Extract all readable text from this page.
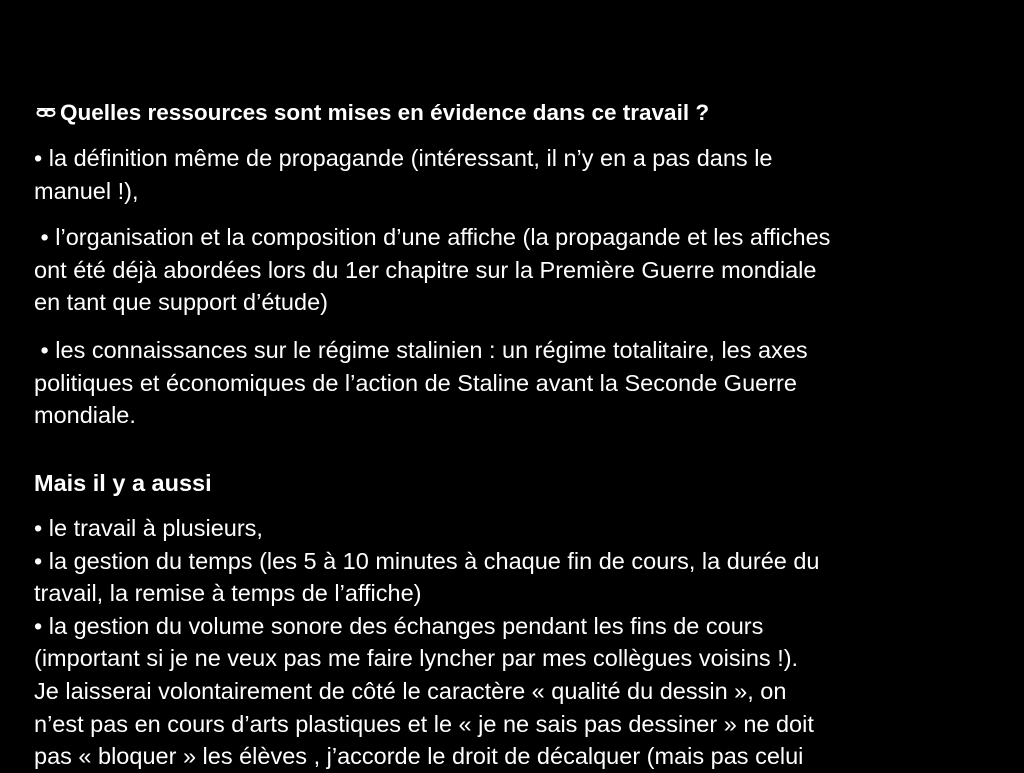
Quelles ressources sont mises en évidence dans ce travail ?
• la définition même de propagande (intéressant, il n’y en a pas dans le
manuel !),
• l’organisation et la composition d’une affiche (la propagande et les affiches
ont été déjà abordées lors du 1er chapitre sur la Première Guerre mondiale
en tant que support d’étude)
• les connaissances sur le régime stalinien : un régime totalitaire, les axes
politiques et économiques de l’action de Staline avant la Seconde Guerre
mondiale.
Mais il y a aussi
• le travail à plusieurs,
• la gestion du temps (les 5 à 10 minutes à chaque fin de cours, la durée du
travail, la remise à temps de l’affiche)
• la gestion du volume sonore des échanges pendant les fins de cours
(important si je ne veux pas me faire lyncher par mes collègues voisins !).
Je laisserai volontairement de côté le caractère « qualité du dessin », on
n’est pas en cours d’arts plastiques et le « je ne sais pas dessiner » ne doit
pas « bloquer » les élèves , j’accorde le droit de décalquer (mais pas celui
